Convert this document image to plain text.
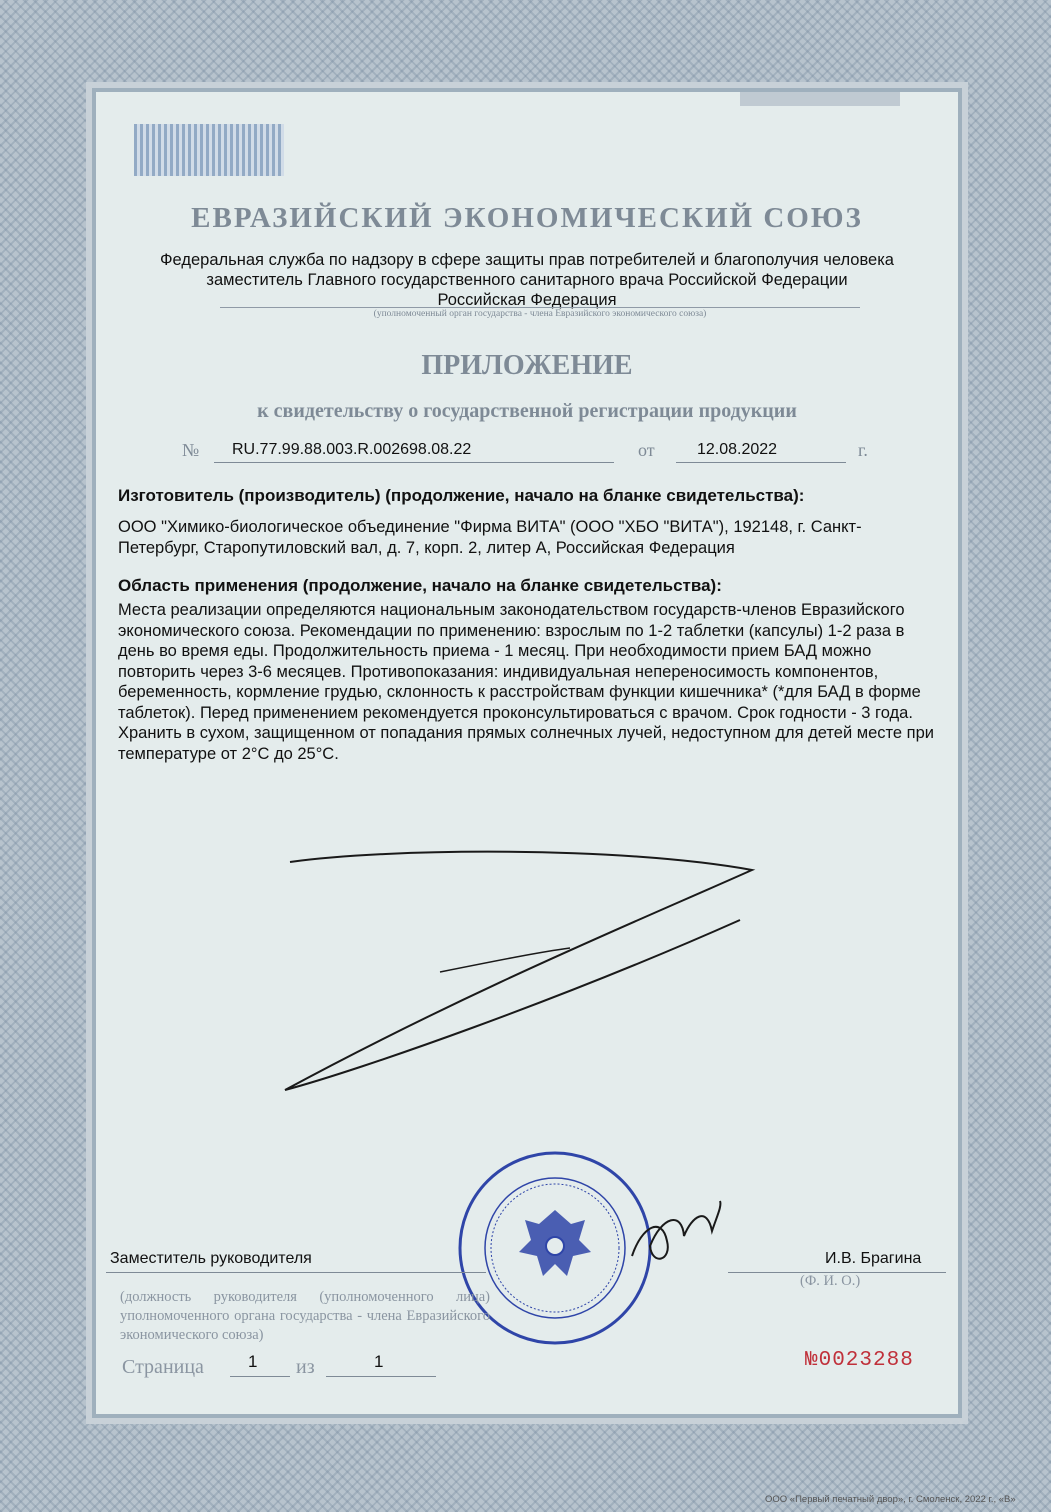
ЕВРАЗИЙСКИЙ ЭКОНОМИЧЕСКИЙ СОЮЗ

Федеральная служба по надзору в сфере защиты прав потребителей и благополучия человека
заместитель Главного государственного санитарного врача Российской Федерации
Российская Федерация
(уполномоченный орган государства - члена Евразийского экономического союза)

ПРИЛОЖЕНИЕ

к свидетельству о государственной регистрации продукции

№ RU.77.99.88.003.R.002698.08.22	от	12.08.2022	г.

Изготовитель (производитель) (продолжение, начало на бланке свидетельства):

ООО "Химико-биологическое объединение "Фирма ВИТА" (ООО "ХБО "ВИТА"), 192148, г. Санкт-Петербург, Старопутиловский вал, д. 7, корп. 2, литер А, Российская Федерация

Область применения (продолжение, начало на бланке свидетельства):

Места реализации определяются национальным законодательством государств-членов Евразийского экономического союза. Рекомендации по применению: взрослым по 1-2 таблетки (капсулы) 1-2 раза в день во время еды. Продолжительность приема - 1 месяц. При необходимости прием БАД можно повторить через 3-6 месяцев. Противопоказания: индивидуальная непереносимость компонентов, беременность, кормление грудью, склонность к расстройствам функции кишечника* (*для БАД в форме таблеток). Перед применением рекомендуется проконсультироваться с врачом. Срок годности - 3 года. Хранить в сухом, защищенном от попадания прямых солнечных лучей, недоступном для детей месте при температуре от 2°С до 25°С.

Заместитель руководителя	И.В. Брагина

(должность руководителя (уполномоченного лица) уполномоченного органа государства - члена Евразийского экономического союза)

(Ф. И. О.)
Страница	1 из	1	№0023288
ООО «Первый печатный двор», г. Смоленск, 2022 г., «В»
